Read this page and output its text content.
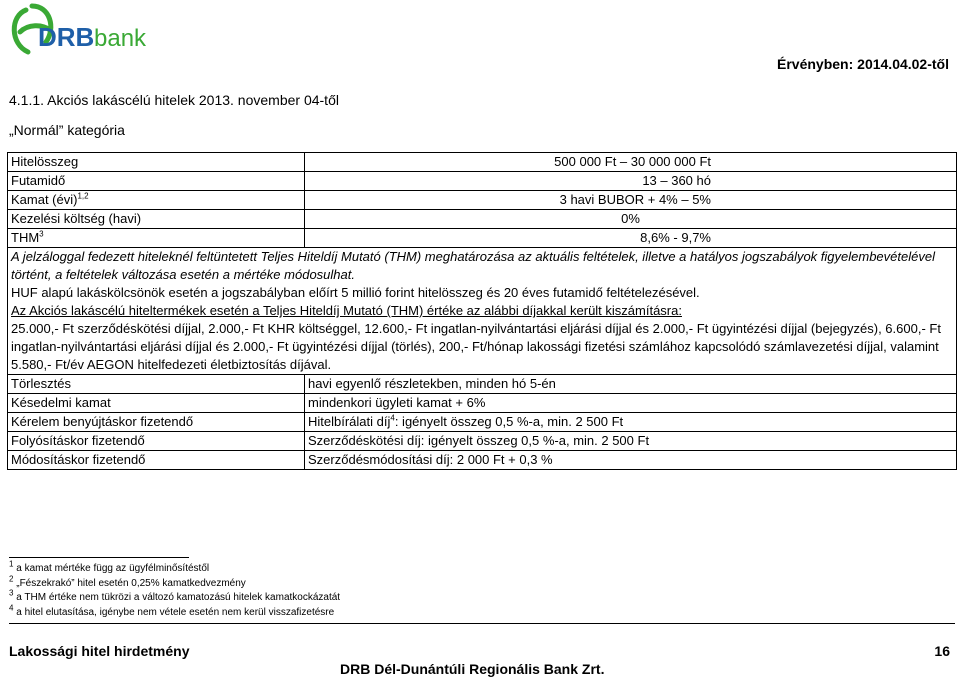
DRB bank
Érvényben: 2014.04.02-től
4.1.1. Akciós lakáscélú hitelek 2013. november 04-től
„Normál” kategória
Hitelösszeg	500 000 Ft – 30 000 000 Ft
Futamidő	13 – 360 hó
Kamat (évi)$^{1,2}$	3 havi BUBOR + 4% – 5%
Kezelési költség (havi)	0%
THM$^3$	8,6% - 9,7%

A jelzáloggal fedezett hiteleknél feltüntetett Teljes Hiteldíj Mutató (THM) meghatározása az aktuális feltételek, illetve a hatályos jogszabályok figyelembevételével történt, a feltételek változása esetén a mértéke módosulhat.
HUF alapú lakáskölcsönök esetén a jogszabályban előírt 5 millió forint hitelösszeg és 20 éves futamidő feltételezésével.
Az Akciós lakáscélú hiteltermékek esetén a Teljes Hiteldíj Mutató (THM) értéke az alábbi díjakkal került kiszámításra:
25.000,- Ft szerződéskötési díjjal, 2.000,- Ft KHR költséggel, 12.600,- Ft ingatlan-nyilvántartási eljárási díjjal és 2.000,- Ft ügyintézési díjjal (bejegyzés), 6.600,- Ft ingatlan-nyilvántartási eljárási díjjal és 2.000,- Ft ügyintézési díjjal (törlés), 200,- Ft/hónap lakossági fizetési számlához kapcsolódó számlavezetési díjjal, valamint 5.580,- Ft/év AEGON hitelfedezeti életbiztosítás díjával.	

Törlesztés	havi egyenlő részletekben, minden hó 5-én
Késedelmi kamat	mindenkori ügyleti kamat + 6%
Kérelem benyújtáskor fizetendő	Hitelbírálati díj$^4$: igényelt összeg 0,5 %-a, min. 2 500 Ft
Folyósításkor fizetendő	Szerződéskötési díj: igényelt összeg 0,5 %-a, min. 2 500 Ft
Módosításkor fizetendő	Szerződésmódosítási díj: 2 000 Ft + 0,3 %
$^1$ a kamat mértéke függ az ügyfélminősítéstől
$^2$ „Fészekrakó” hitel esetén 0,25% kamatkedvezmény
$^3$ a THM értéke nem tükrözi a változó kamatozású hitelek kamatkockázatát
$^4$ a hitel elutasítása, igénybe nem vétele esetén nem kerül visszafizetésre
Lakossági hitel hirdetmény	16
DRB Dél-Dunántúli Regionális Bank Zrt.
